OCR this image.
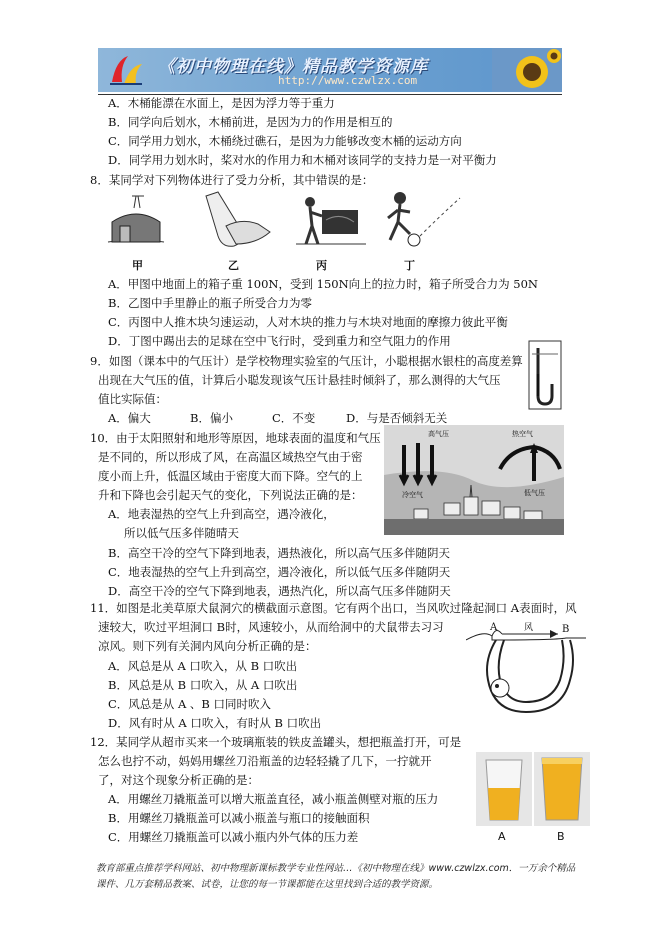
《初中物理在线》精品教学资源库
http://www.czwlzx.com
A．木桶能漂在水面上，是因为浮力等于重力
B．同学向后划水，木桶前进，是因为力的作用是相互的
C．同学用力划水，木桶绕过礁石，是因为力能够改变木桶的运动方向
D．同学用力划水时，桨对水的作用力和木桶对该同学的支持力是一对平衡力
8．某同学对下列物体进行了受力分析，其中错误的是：
甲	乙	丙	丁
A．甲图中地面上的箱子重 100N，受到 150N向上的拉力时，箱子所受合力为 50N
B．乙图中手里静止的瓶子所受合力为零
C．丙图中人推木块匀速运动，人对木块的推力与木块对地面的摩擦力彼此平衡
D．丁图中踢出去的足球在空中飞行时，受到重力和空气阻力的作用
9．如图（课本中的气压计）是学校物理实验室的气压计，小聪根据水银柱的高度差算
出现在大气压的值，计算后小聪发现该气压计悬挂时倾斜了，那么测得的大气压
值比实际值：
A．偏大	B．偏小	C．不变	D．与是否倾斜无关
10．由于太阳照射和地形等原因，地球表面的温度和气压
是不同的，所以形成了风，在高温区域热空气由于密
度小而上升，低温区域由于密度大而下降。空气的上
升和下降也会引起天气的变化，下列说法正确的是：
A．地表湿热的空气上升到高空，遇冷液化，
所以低气压多伴随晴天
B．高空干冷的空气下降到地表，遇热液化，所以高气压多伴随阴天
C．地表湿热的空气上升到高空，遇冷液化，所以低气压多伴随阴天
D．高空干冷的空气下降到地表，遇热汽化，所以高气压多伴随阴天
高气压	热空气
冷空气	低气压
11．如图是北美草原犬鼠洞穴的横截面示意图。它有两个出口，当风吹过隆起洞口 A表面时，风
速较大，吹过平坦洞口 B时，风速较小，从而给洞中的犬鼠带去习习
凉风。则下列有关洞内风向分析正确的是：
A．风总是从 A 口吹入，从 B 口吹出
B．风总是从 B 口吹入，从 A 口吹出
C．风总是从 A 、B 口同时吹入
D．风有时从 A 口吹入，有时从 B 口吹出
A	B
风
12．某同学从超市买来一个玻璃瓶装的铁皮盖罐头，想把瓶盖打开，可是
怎么也拧不动，妈妈用螺丝刀沿瓶盖的边轻轻撬了几下，一拧就开
了，对这个现象分析正确的是：
A．用螺丝刀撬瓶盖可以增大瓶盖直径，减小瓶盖侧壁对瓶的压力
B．用螺丝刀撬瓶盖可以减小瓶盖与瓶口的接触面积
C．用螺丝刀撬瓶盖可以减小瓶内外气体的压力差	A	B
教育部重点推荐学科网站、初中物理新课标教学专业性网站…《初中物理在线》www.czwlzx.com．一万余个精品
课件、几万套精品教案、试卷，让您的每一节课都能在这里找到合适的教学资源。
